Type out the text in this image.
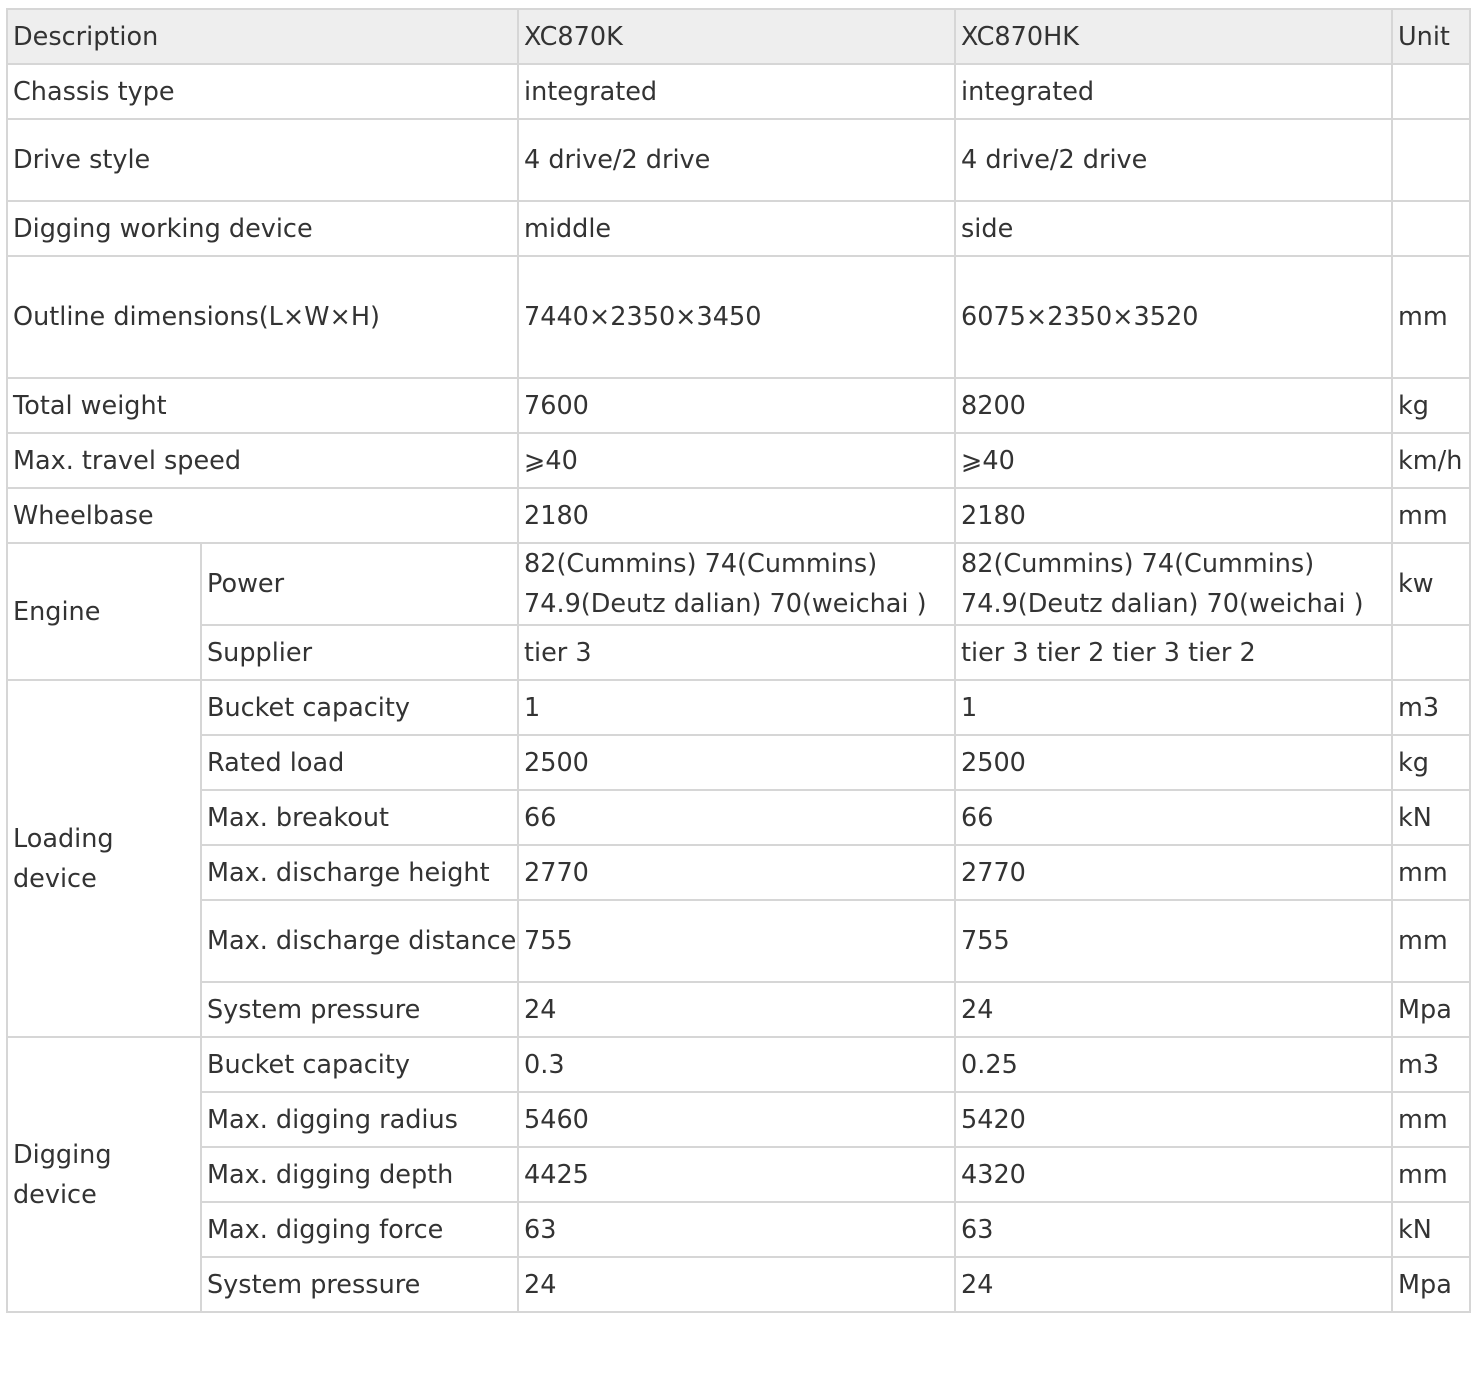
Description		XC870K	XC870HK	Unit
Chassis type		integrated	integrated	
Drive style		4 drive/2 drive	4 drive/2 drive	
Digging working device		middle	side	
Outline dimensions(L×W×H)		7440×2350×3450	6075×2350×3520	mm
Total weight		7600	8200	kg
Max. travel speed		⩾40	⩾40	km/h
Wheelbase		2180	2180	mm
Engine	Power	82(Cummins) 74(Cummins) 74.9(Deutz dalian) 70(weichai )	82(Cummins) 74(Cummins) 74.9(Deutz dalian) 70(weichai )	kw
	Supplier	tier 3	tier 3 tier 2 tier 3 tier 2	
Loading device	Bucket capacity	1	1	m3
	Rated load	2500	2500	kg
	Max. breakout	66	66	kN
	Max. discharge height	2770	2770	mm
	Max. discharge distance	755	755	mm
	System pressure	24	24	Mpa
Digging device	Bucket capacity	0.3	0.25	m3
	Max. digging radius	5460	5420	mm
	Max. digging depth	4425	4320	mm
	Max. digging force	63	63	kN
	System pressure	24	24	Mpa
